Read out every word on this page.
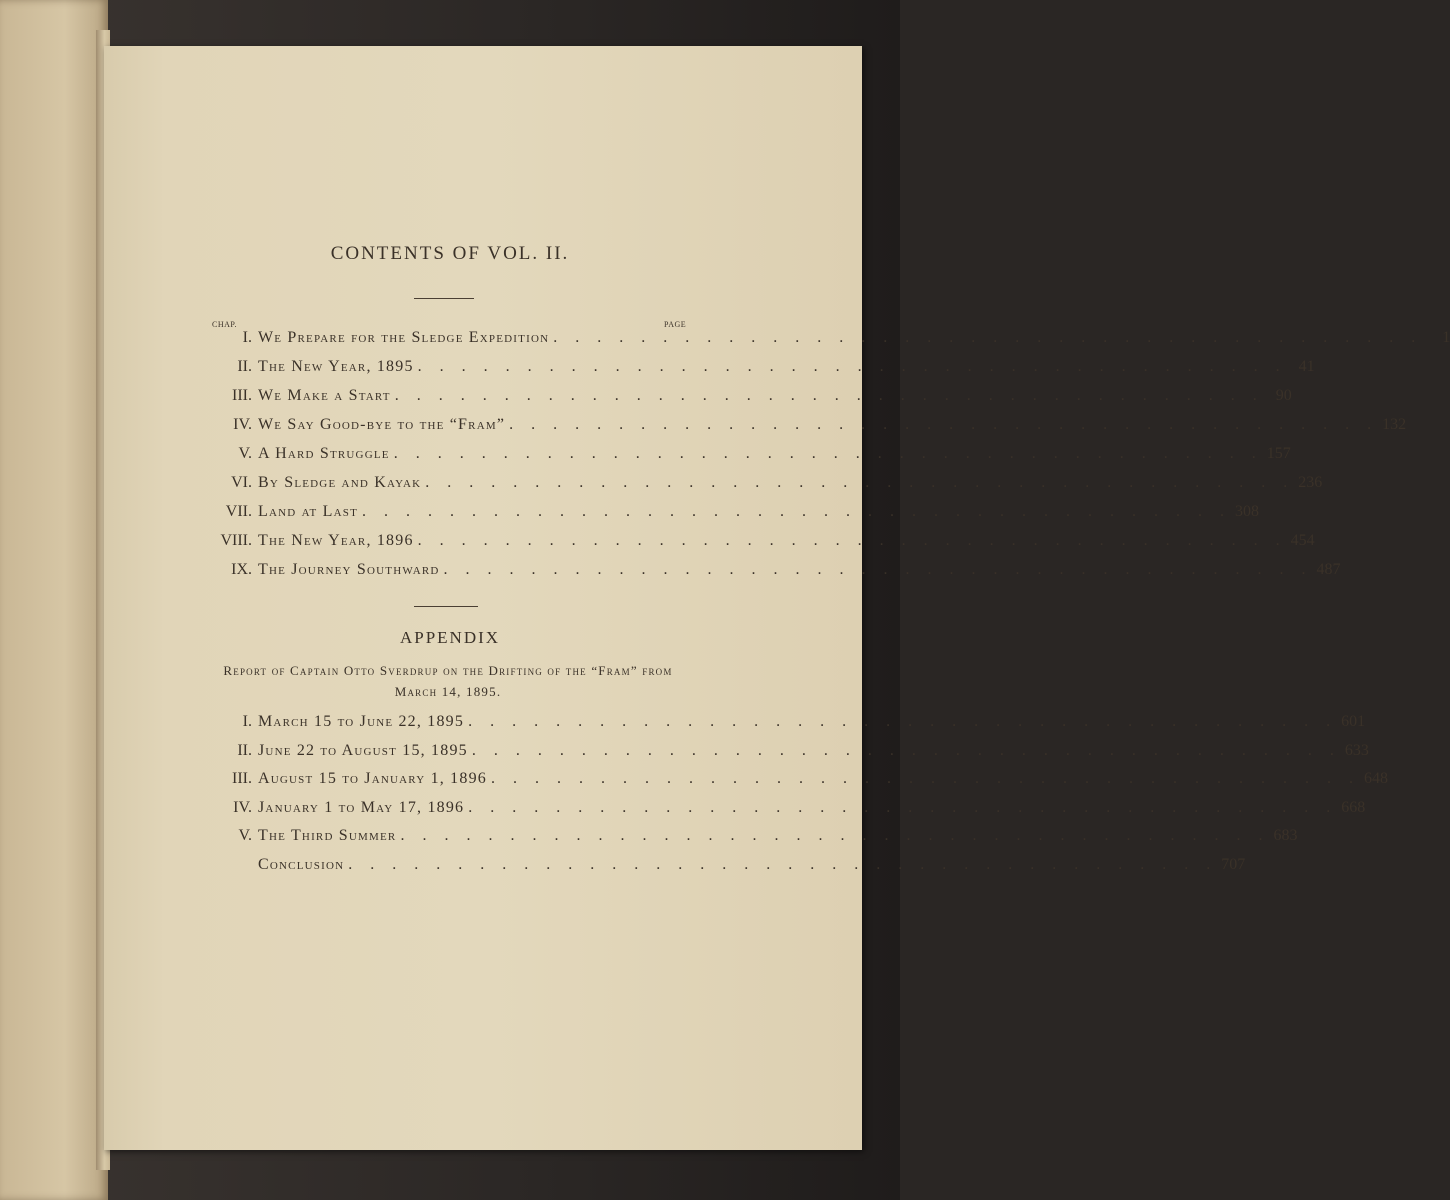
CONTENTS OF VOL. II.
CHAP.	PAGE
I. We Prepare for the Sledge Expedition . . . . . . . . . . . . . . . . . . . . . . . . . . . . . . . . . . . . . . . .	1
II. The New Year, 1895 . . . . . . . . . . . . . . . . . . . . . . . . . . . . . . . . . . . . . . . . 41
III. We Make a Start . . . . . . . . . . . . . . . . . . . . . . . . . . . . . . . . . . . . . . . . 90
IV. We Say Good-bye to the “Fram” . . . . . . . . . . . . . . . . . . . . . . . . . . . . . . . . . . . . . . . . 132
V. A Hard Struggle . . . . . . . . . . . . . . . . . . . . . . . . . . . . . . . . . . . . . . . . 157
VI. By Sledge and Kayak . . . . . . . . . . . . . . . . . . . . . . . . . . . . . . . . . . . . . . . . 236
VII. Land at Last . . . . . . . . . . . . . . . . . . . . . . . . . . . . . . . . . . . . . . . . 308
VIII. The New Year, 1896 . . . . . . . . . . . . . . . . . . . . . . . . . . . . . . . . . . . . . . . . 454
IX. The Journey Southward . . . . . . . . . . . . . . . . . . . . . . . . . . . . . . . . . . . . . . . . 487
APPENDIX
Report of Captain Otto Sverdrup on the Drifting of the “Fram” from March 14, 1895.
I. March 15 to June 22, 1895 . . . . . . . . . . . . . . . . . . . . . . . . . . . . . . . . . . . . . . . . 601
II. June 22 to August 15, 1895 . . . . . . . . . . . . . . . . . . . . . . . . . . . . . . . . . . . . . . . . 633
III. August 15 to January 1, 1896 . . . . . . . . . . . . . . . . . . . . . . . . . . . . . . . . . . . . . . . . 648
IV. January 1 to May 17, 1896 . . . . . . . . . . . . . . . . . . . . . . . . . . . . . . . . . . . . . . . . 668
V. The Third Summer . . . . . . . . . . . . . . . . . . . . . . . . . . . . . . . . . . . . . . . . 683
Conclusion . . . . . . . . . . . . . . . . . . . . . . . . . . . . . . . . . . . . . . . . 707
